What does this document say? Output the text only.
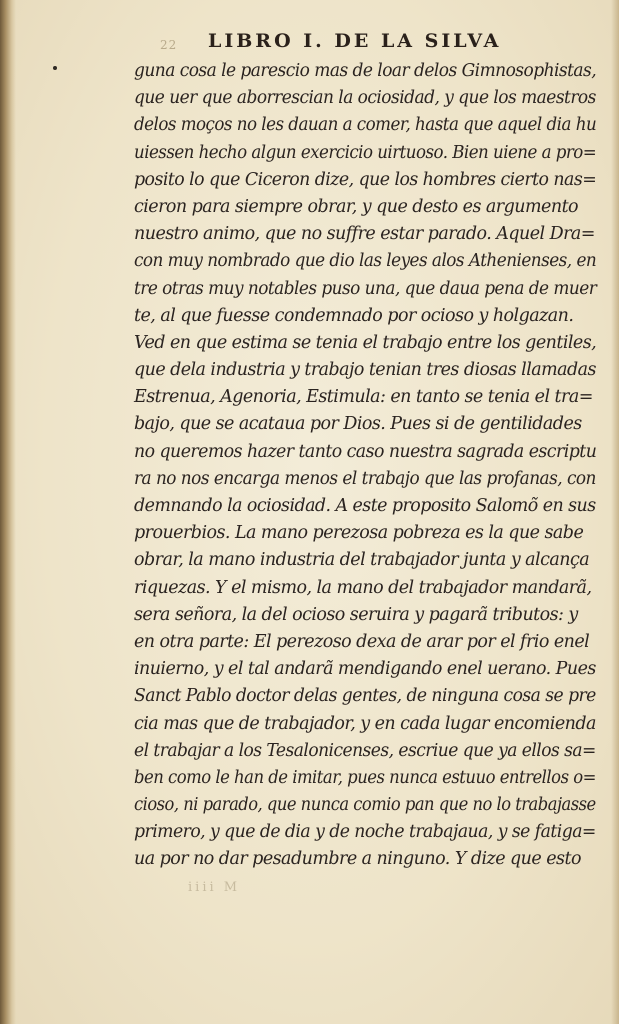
22 LIBRO I. DE LA SILVA
guna cosa le parescio mas de loar delos Gimnosophistas,
que uer que aborrescian la ociosidad, y que los maestros
delos moços no les dauan a comer, hasta que aquel dia hu
uiessen hecho algun exercicio uirtuoso. Bien uiene a pro=
posito lo que Ciceron dize, que los hombres cierto nas=
cieron para siempre obrar, y que desto es argumento
nuestro animo, que no suffre estar parado. Aquel Dra=
con muy nombrado que dio las leyes alos Athenienses, en
tre otras muy notables puso una, que daua pena de muer
te, al que fuesse condemnado por ocioso y holgazan.
Ved en que estima se tenia el trabajo entre los gentiles,
que dela industria y trabajo tenian tres diosas llamadas
Estrenua, Agenoria, Estimula: en tanto se tenia el tra=
bajo, que se acataua por Dios. Pues si de gentilidades
no queremos hazer tanto caso nuestra sagrada escriptu
ra no nos encarga menos el trabajo que las profanas, con
demnando la ociosidad. A este proposito Salomõ en sus
prouerbios. La mano perezosa pobreza es la que sabe
obrar, la mano industria del trabajador junta y alcança
riquezas. Y el mismo, la mano del trabajador mandarã,
sera señora, la del ocioso seruira y pagarã tributos: y
en otra parte: El perezoso dexa de arar por el frio enel
inuierno, y el tal andarã mendigando enel uerano. Pues
Sanct Pablo doctor delas gentes, de ninguna cosa se pre
cia mas que de trabajador, y en cada lugar encomienda
el trabajar a los Tesalonicenses, escriue que ya ellos sa=
ben como le han de imitar, pues nunca estuuo entrellos o=
cioso, ni parado, que nunca comio pan que no lo trabajasse
primero, y que de dia y de noche trabajaua, y se fatiga=
ua por no dar pesadumbre a ninguno. Y dize que esto
iiii M
